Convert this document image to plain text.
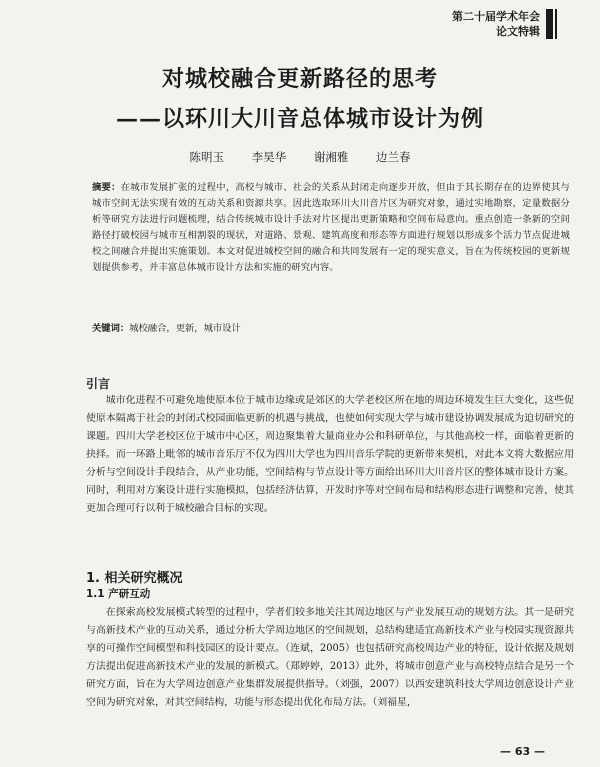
第二十届学术年会
论文特辑
对城校融合更新路径的思考
——以环川大川音总体城市设计为例
陈明玉 李昊华 谢湘雅 边兰春
摘要：在城市发展扩张的过程中，高校与城市、社会的关系从封闭走向逐步开放，但由于其长期存在的边界使其与城市空间无法实现有效的互动关系和资源共享。因此选取环川大川音片区为研究对象，通过实地勘察，定量数据分析等研究方法进行问题梳理，结合传统城市设计手法对片区提出更新策略和空间布局意向。重点创造一条新的空间路径打破校园与城市互相割裂的现状，对道路、景观、建筑高度和形态等方面进行规划以形成多个活力节点促进城校之间融合并提出实施策划。本文对促进城校空间的融合和共同发展有一定的现实意义，旨在为传统校园的更新规划提供参考，并丰富总体城市设计方法和实施的研究内容。
关键词：城校融合，更新，城市设计
引言
城市化进程不可避免地使原本位于城市边缘或是郊区的大学老校区所在地的周边环境发生巨大变化，这些促使原本隔离于社会的封闭式校园面临更新的机遇与挑战，也使如何实现大学与城市建设协调发展成为迫切研究的课题。四川大学老校区位于城市中心区，周边聚集着大量商业办公和科研单位，与其他高校一样，面临着更新的抉择。而一环路上毗邻的城市音乐厅不仅为四川大学也为四川音乐学院的更新带来契机，对此本文将大数据应用分析与空间设计手段结合，从产业功能，空间结构与节点设计等方面给出环川大川音片区的整体城市设计方案。同时，利用对方案设计进行实施模拟，包括经济估算，开发时序等对空间布局和结构形态进行调整和完善，使其更加合理可行以利于城校融合目标的实现。
1. 相关研究概况
1.1 产研互动
在探索高校发展模式转型的过程中，学者们较多地关注其周边地区与产业发展互动的规划方法。其一是研究与高新技术产业的互动关系，通过分析大学周边地区的空间规划，总结构建适宜高新技术产业与校园实现资源共享的可操作空间模型和科技园区的设计要点。（连斌，2005）也包括研究高校周边产业的特征，设计依据及规划方法提出促进高新技术产业的发展的新模式。（郑婷婷，2013）此外，将城市创意产业与高校特点结合是另一个研究方面，旨在为大学周边创意产业集群发展提供指导。（刘强，2007）以西安建筑科技大学周边创意设计产业空间为研究对象，对其空间结构，功能与形态提出优化布局方法。（刘福星，
— 63 —
